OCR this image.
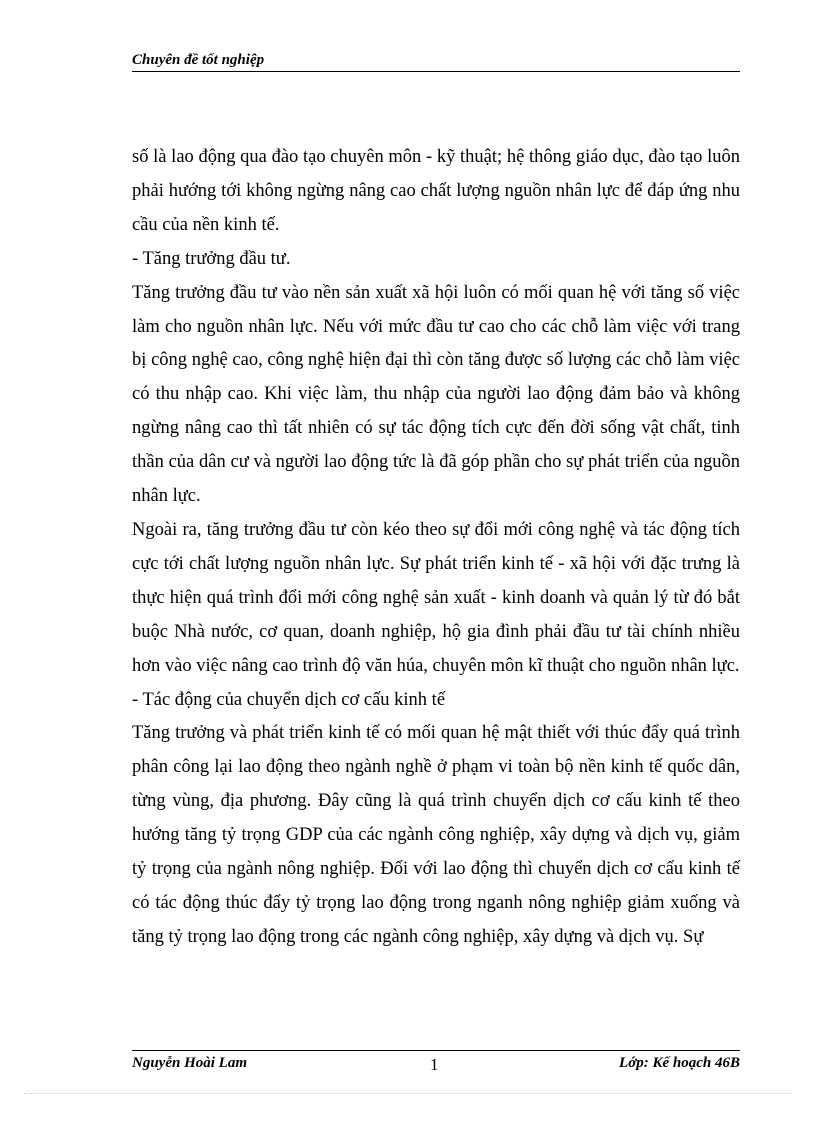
Chuyên đề tốt nghiệp

số là lao động qua đào tạo chuyên môn - kỹ thuật; hệ thông giáo dục, đào tạo luôn phải hướng tới không ngừng nâng cao chất lượng nguồn nhân lực để đáp ứng nhu cầu của nền kinh tế.

- Tăng trưởng đầu tư.

Tăng trưởng đầu tư vào nền sản xuất xã hội luôn có mối quan hệ với tăng số việc làm cho nguồn nhân lực. Nếu với mức đầu tư cao cho các chỗ làm việc với trang bị công nghệ cao, công nghệ hiện đại thì còn tăng được số lượng các chỗ làm việc có thu nhập cao. Khi việc làm, thu nhập của người lao động đảm bảo và không ngừng nâng cao thì tất nhiên có sự tác động tích cực đến đời sống vật chất, tinh thần của dân cư và người lao động tức là đã góp phần cho sự phát triển của nguồn nhân lực.

Ngoài ra, tăng trưởng đầu tư còn kéo theo sự đổi mới công nghệ và tác động tích cực tới chất lượng nguồn nhân lực. Sự phát triển kinh tế - xã hội với đặc trưng là thực hiện quá trình đổi mới công nghệ sản xuất - kinh doanh và quản lý từ đó bắt buộc Nhà nước, cơ quan, doanh nghiệp, hộ gia đình phải đầu tư tài chính nhiều hơn vào việc nâng cao trình độ văn húa, chuyên môn kĩ thuật cho nguồn nhân lực.

- Tác động của chuyển dịch cơ cấu kinh tế

Tăng trưởng và phát triển kinh tế có mối quan hệ mật thiết với thúc đẩy quá trình phân công lại lao động theo ngành nghề ở phạm vi toàn bộ nền kinh tế quốc dân, từng vùng, địa phương. Đây cũng là quá trình chuyển dịch cơ cấu kinh tế theo hướng tăng tỷ trọng GDP của các ngành công nghiệp, xây dựng và dịch vụ, giảm tỷ trọng của ngành nông nghiệp. Đối với lao động thì chuyển dịch cơ cấu kinh tế có tác động thúc đẩy tỷ trọng lao động trong nganh nông nghiệp giảm xuống và tăng tỷ trọng lao động trong các ngành công nghiệp, xây dựng và dịch vụ. Sự

Nguyễn Hoài Lam	1	Lớp: Kế hoạch 46B
